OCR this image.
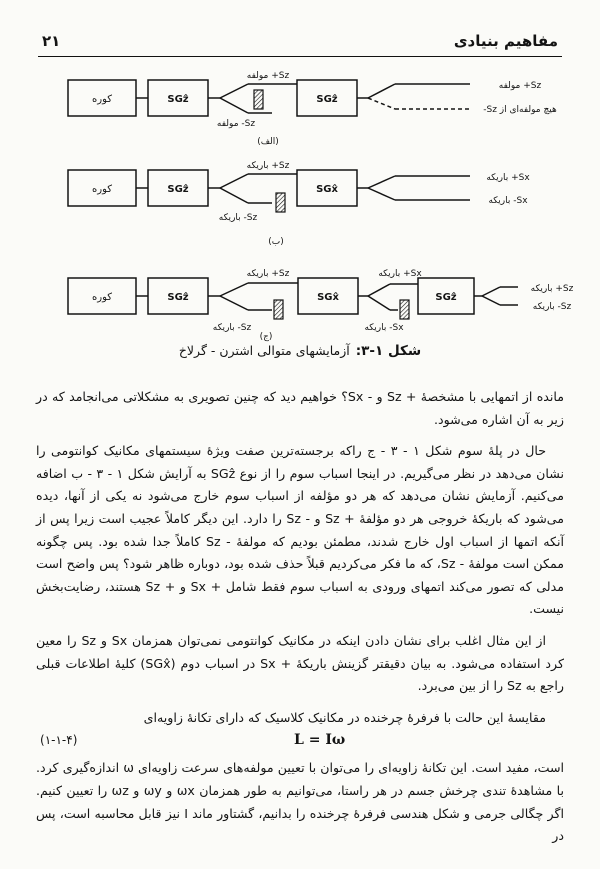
مفاهیم بنیادی
۲۱
کوره	SGẑ	SGẑ
کوره	SGẑ	SGx̂
کوره	SGẑ	SGx̂	SGẑ
Sz+ مولفه
Sz- مولفه
Sz+ مولفه
هیچ مولفه‌ای از Sz-
(الف)
Sz+ باریکه
Sz- باریکه
Sx+ باریکه
Sx- باریکه
(ب)
Sz+ باریکه
Sz- باریکه
Sx+ باریکه
Sx- باریکه
Sz+ باریکه
Sz- باریکه
(ج)
شکل ۱-۳:آزمایشهای متوالی اشترن - گرلاخ

مانده از اتمهایی با مشخصهٔ + Sz و - Sx؟ خواهیم دید که چنین تصویری به مشکلاتی می‌انجامد که در زیر به آن اشاره می‌شود.

حال در پلهٔ سوم شکل ۱ - ۳ - ج راکه برجسته‌ترین صفت ویژهٔ سیستمهای مکانیک کوانتومی را نشان می‌دهد در نظر می‌گیریم. در اینجا اسباب سوم را از نوع SGẑ به آرایش شکل ۱ - ۳ - ب اضافه می‌کنیم. آزمایش نشان می‌دهد که هر دو مؤلفه از اسباب سوم خارج می‌شود نه یکی از آنها، دیده می‌شود که باریکهٔ خروجی هر دو مؤلفهٔ + Sz و - Sz را دارد. این دیگر کاملاً عجیب است زیرا پس از آنکه اتمها از اسباب اول خارج شدند، مطمئن بودیم که مولفهٔ - Sz کاملاً جدا شده بود. پس چگونه ممکن است مولفهٔ - Sz، که ما فکر می‌کردیم قبلاً حذف شده بود، دوباره ظاهر شود؟ پس واضح است مدلی که تصور می‌کند اتمهای ورودی به اسباب سوم فقط شامل + Sx و + Sz هستند، رضایت‌بخش نیست.

از این مثال اغلب برای نشان دادن اینکه در مکانیک کوانتومی نمی‌توان همزمان Sx و Sz را معین کرد استفاده می‌شود. به بیان دقیقتر گزینش باریکهٔ + Sx در اسباب دوم (SGx̂) کلیهٔ اطلاعات قبلی راجع به Sz را از بین می‌برد.

مقایسهٔ این حالت با فرفرهٔ چرخنده در مکانیک کلاسیک که دارای تکانهٔ زاویه‌ای

L = Iω
(۱-۱-۴)

است، مفید است. این تکانهٔ زاویه‌ای را می‌توان با تعیین مولفه‌های سرعت زاویه‌ای ω اندازه‌گیری کرد. با مشاهدهٔ تندی چرخش جسم در هر راستا، می‌توانیم به طور همزمان ωx و ωy و ωz را تعیین کنیم. اگر چگالی جرمی و شکل هندسی فرفرهٔ چرخنده را بدانیم، گشتاور ماند I نیز قابل محاسبه است، پس در
